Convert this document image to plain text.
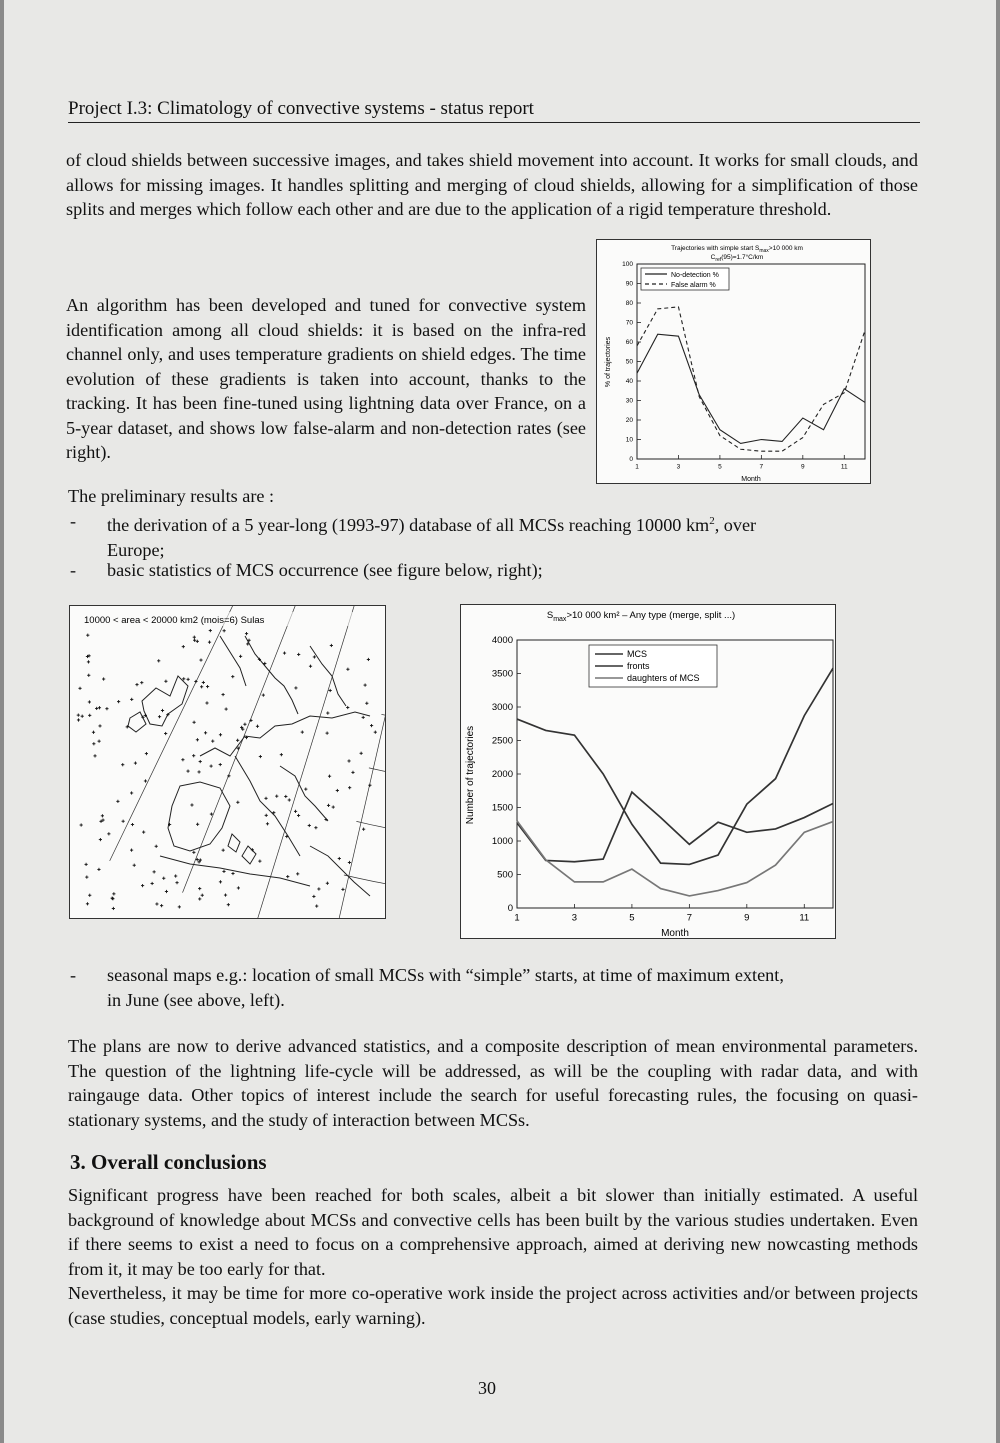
Project I.3: Climatology of convective systems - status report

of cloud shields between successive images, and takes shield movement into account. It works for small clouds, and allows for missing images. It handles splitting and merging of cloud shields, allowing for a simplification of those splits and merges which follow each other and are due to the application of a rigid temperature threshold.

An algorithm has been developed and tuned for convective system identification among all cloud shields: it is based on the infra-red channel only, and uses temperature gradients on shield edges. The time evolution of these gradients is taken into account, thanks to the tracking. It has been fine-tuned using lightning data over France, on a 5-year dataset, and shows low false-alarm and non-detection rates (see right).

Trajectories with simple start $S_{max}>10$ 000 km
$C_{ref}(95)=1.7^\circ C/km$
0
10
20
30
40
50
60
70
80
90
100
1	3	5	7	9	11
No-detection %
False alarm %
Month
% of trajectories

The preliminary results are :

- the derivation of a 5 year-long (1993-97) database of all MCSs reaching 10000 $km^2$, over
Europe;
- basic statistics of MCS occurrence (see figure below, right);
10000 < area < 20000 km2 (mois=6) Sulas	$S_{max}>10$ 000 km² – Any type (merge, split ...)
0
500
1000
1500
2000
2500
3000
3500
4000
1	3	5	7	9	11
MCS
fronts
daughters of MCS
Month
Number of trajectories
- seasonal maps e.g.: location of small MCSs with “simple” starts, at time of maximum extent,
in June (see above, left).

The plans are now to derive advanced statistics, and a composite description of mean environmental parameters. The question of the lightning life-cycle will be addressed, as will be the coupling with radar data, and with raingauge data. Other topics of interest include the search for useful forecasting rules, the focusing on quasi-stationary systems, and the study of interaction between MCSs.

3. Overall conclusions

Significant progress have been reached for both scales, albeit a bit slower than initially estimated. A useful background of knowledge about MCSs and convective cells has been built by the various studies undertaken. Even if there seems to exist a need to focus on a comprehensive approach, aimed at deriving new nowcasting methods from it, it may be too early for that.

Nevertheless, it may be time for more co-operative work inside the project across activities and/or between projects (case studies, conceptual models, early warning).

30
